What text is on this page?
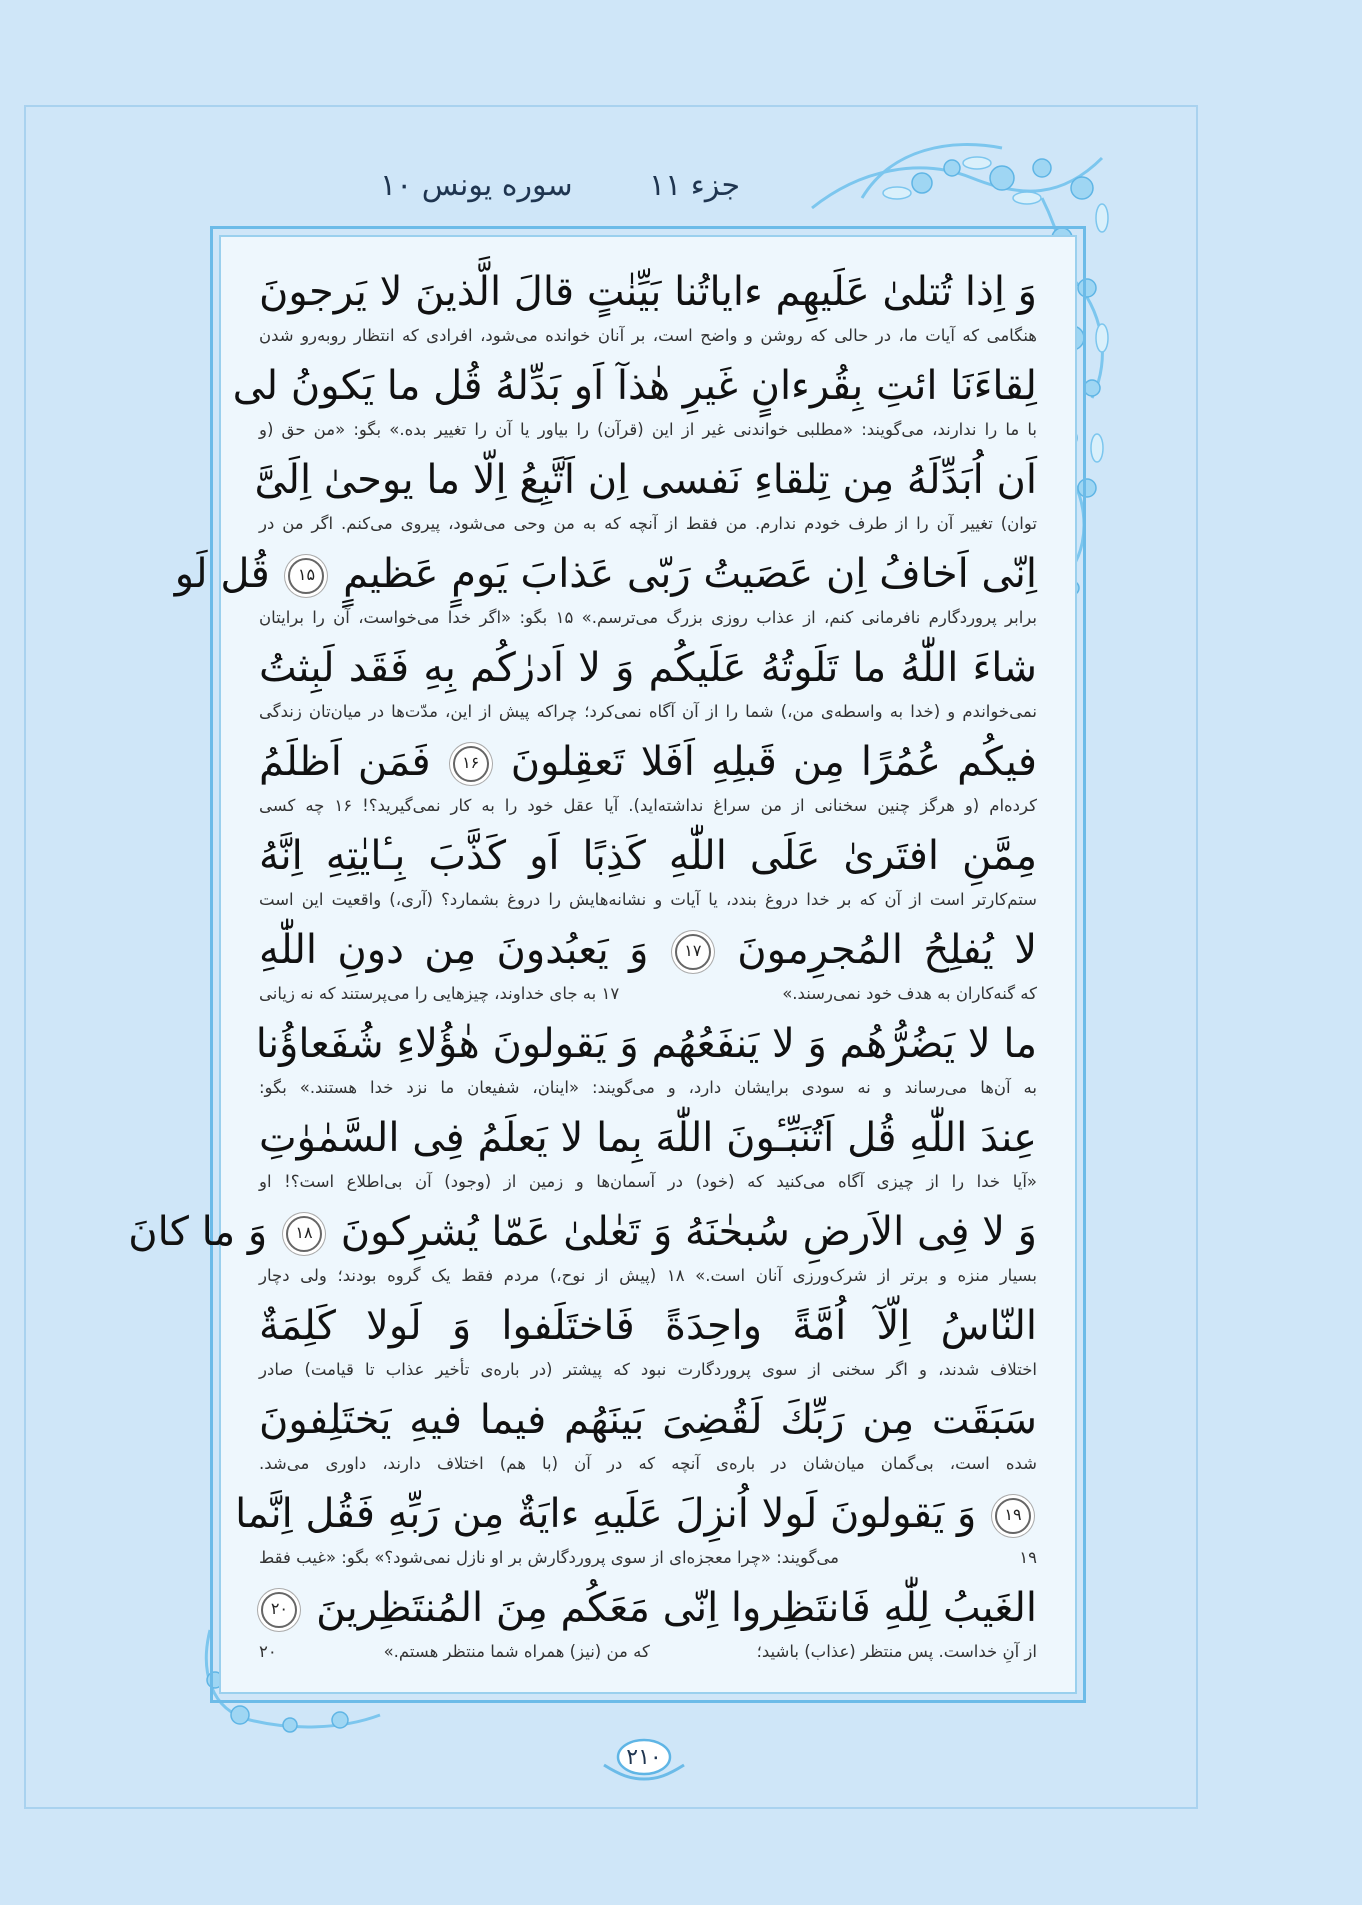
جزء ۱۱
سوره یونس ۱۰
وَ اِذا تُتلىٰ عَلَيهِم ءاياتُنا بَيِّنٰتٍ قالَ الَّذينَ لا يَرجونَ
هنگامی که آیات ما، در حالی که روشن و واضح است، بر آنان خوانده می‌شود، افرادی که انتظار روبه‌رو شدن
لِقاءَنَا ائتِ بِقُرءانٍ غَيرِ هٰذآ اَو بَدِّلهُ قُل ما يَكونُ لى
با ما را ندارند، می‌گویند: «مطلبی خواندنی غیر از این (قرآن) را بیاور یا آن را تغییر بده.» بگو: «من حق (و
اَن اُبَدِّلَهُ مِن تِلقاءِ نَفسى اِن اَتَّبِعُ اِلّا ما يوحىٰ اِلَىَّ
توان) تغییر آن را از طرف خودم ندارم. من فقط از آنچه که به من وحی می‌شود، پیروی می‌کنم. اگر من در
اِنّى اَخافُ اِن عَصَيتُ رَبّى عَذابَ يَومٍ عَظيمٍ ۱۵ قُل لَو
برابر پروردگارم نافرمانی کنم، از عذاب روزی بزرگ می‌ترسم.» ۱۵ بگو: «اگر خدا می‌خواست، آن را برایتان
شاءَ اللّٰهُ ما تَلَوتُهُ عَلَيكُم وَ لا اَدرٰكُم بِهِ فَقَد لَبِثتُ
نمی‌خواندم و (خدا به واسطه‌ی من،) شما را از آن آگاه نمی‌کرد؛ چراکه پیش از این، مدّت‌ها در میان‌تان زندگی
فيكُم عُمُرًا مِن قَبلِهِ اَفَلا تَعقِلونَ ۱۶ فَمَن اَظلَمُ
کرده‌ام (و هرگز چنین سخنانی از من سراغ نداشته‌اید). آیا عقل خود را به کار نمی‌گیرید؟! ۱۶ چه کسی
مِمَّنِ افتَرىٰ عَلَى اللّٰهِ كَذِبًا اَو كَذَّبَ بِـٔايٰتِهِ اِنَّهُ
ستم‌کارتر است از آن که بر خدا دروغ بندد، یا آیات و نشانه‌هایش را دروغ بشمارد؟ (آری،) واقعیت این است
لا يُفلِحُ المُجرِمونَ ۱۷ وَ يَعبُدونَ مِن دونِ اللّٰهِ
که گنه‌کاران به هدف خود نمی‌رسند.»
۱۷ به جای خداوند، چیزهایی را می‌پرستند که نه زیانی
ما لا يَضُرُّهُم وَ لا يَنفَعُهُم وَ يَقولونَ هٰؤُلاءِ شُفَعاؤُنا
به آن‌ها می‌رساند و نه سودی برایشان دارد، و می‌گویند: «اینان، شفیعان ما نزد خدا هستند.» بگو:
عِندَ اللّٰهِ قُل اَتُنَبِّـٔونَ اللّٰهَ بِما لا يَعلَمُ فِى السَّمٰوٰتِ
«آیا خدا را از چیزی آگاه می‌کنید که (خود) در آسمان‌ها و زمین از (وجود) آن بی‌اطلاع است؟! او
وَ لا فِى الاَرضِ سُبحٰنَهُ وَ تَعٰلىٰ عَمّا يُشرِكونَ ۱۸ وَ ما كانَ
بسیار منزه و برتر از شرک‌ورزی آنان است.» ۱۸ (پیش از نوح،) مردم فقط یک گروه بودند؛ ولی دچار
النّاسُ اِلّآ اُمَّةً واحِدَةً فَاختَلَفوا وَ لَولا كَلِمَةٌ
اختلاف شدند، و اگر سخنی از سوی پروردگارت نبود که پیشتر (در باره‌ی تأخیر عذاب تا قیامت) صادر
سَبَقَت مِن رَبِّكَ لَقُضِىَ بَينَهُم فيما فيهِ يَختَلِفونَ
شده است، بی‌گمان میان‌شان در باره‌ی آنچه که در آن (با هم) اختلاف دارند، داوری می‌شد.
۱۹ وَ يَقولونَ لَولا اُنزِلَ عَلَيهِ ءايَةٌ مِن رَبِّهِ فَقُل اِنَّما
۱۹
می‌گویند: «چرا معجزه‌ای از سوی پروردگارش بر او نازل نمی‌شود؟» بگو: «غیب فقط
الغَيبُ لِلّٰهِ فَانتَظِروا اِنّى مَعَكُم مِنَ المُنتَظِرينَ ۲۰
از آنِ خداست. پس منتظر (عذاب) باشید؛
که من (نیز) همراه شما منتظر هستم.»
۲۰
۲۱۰
